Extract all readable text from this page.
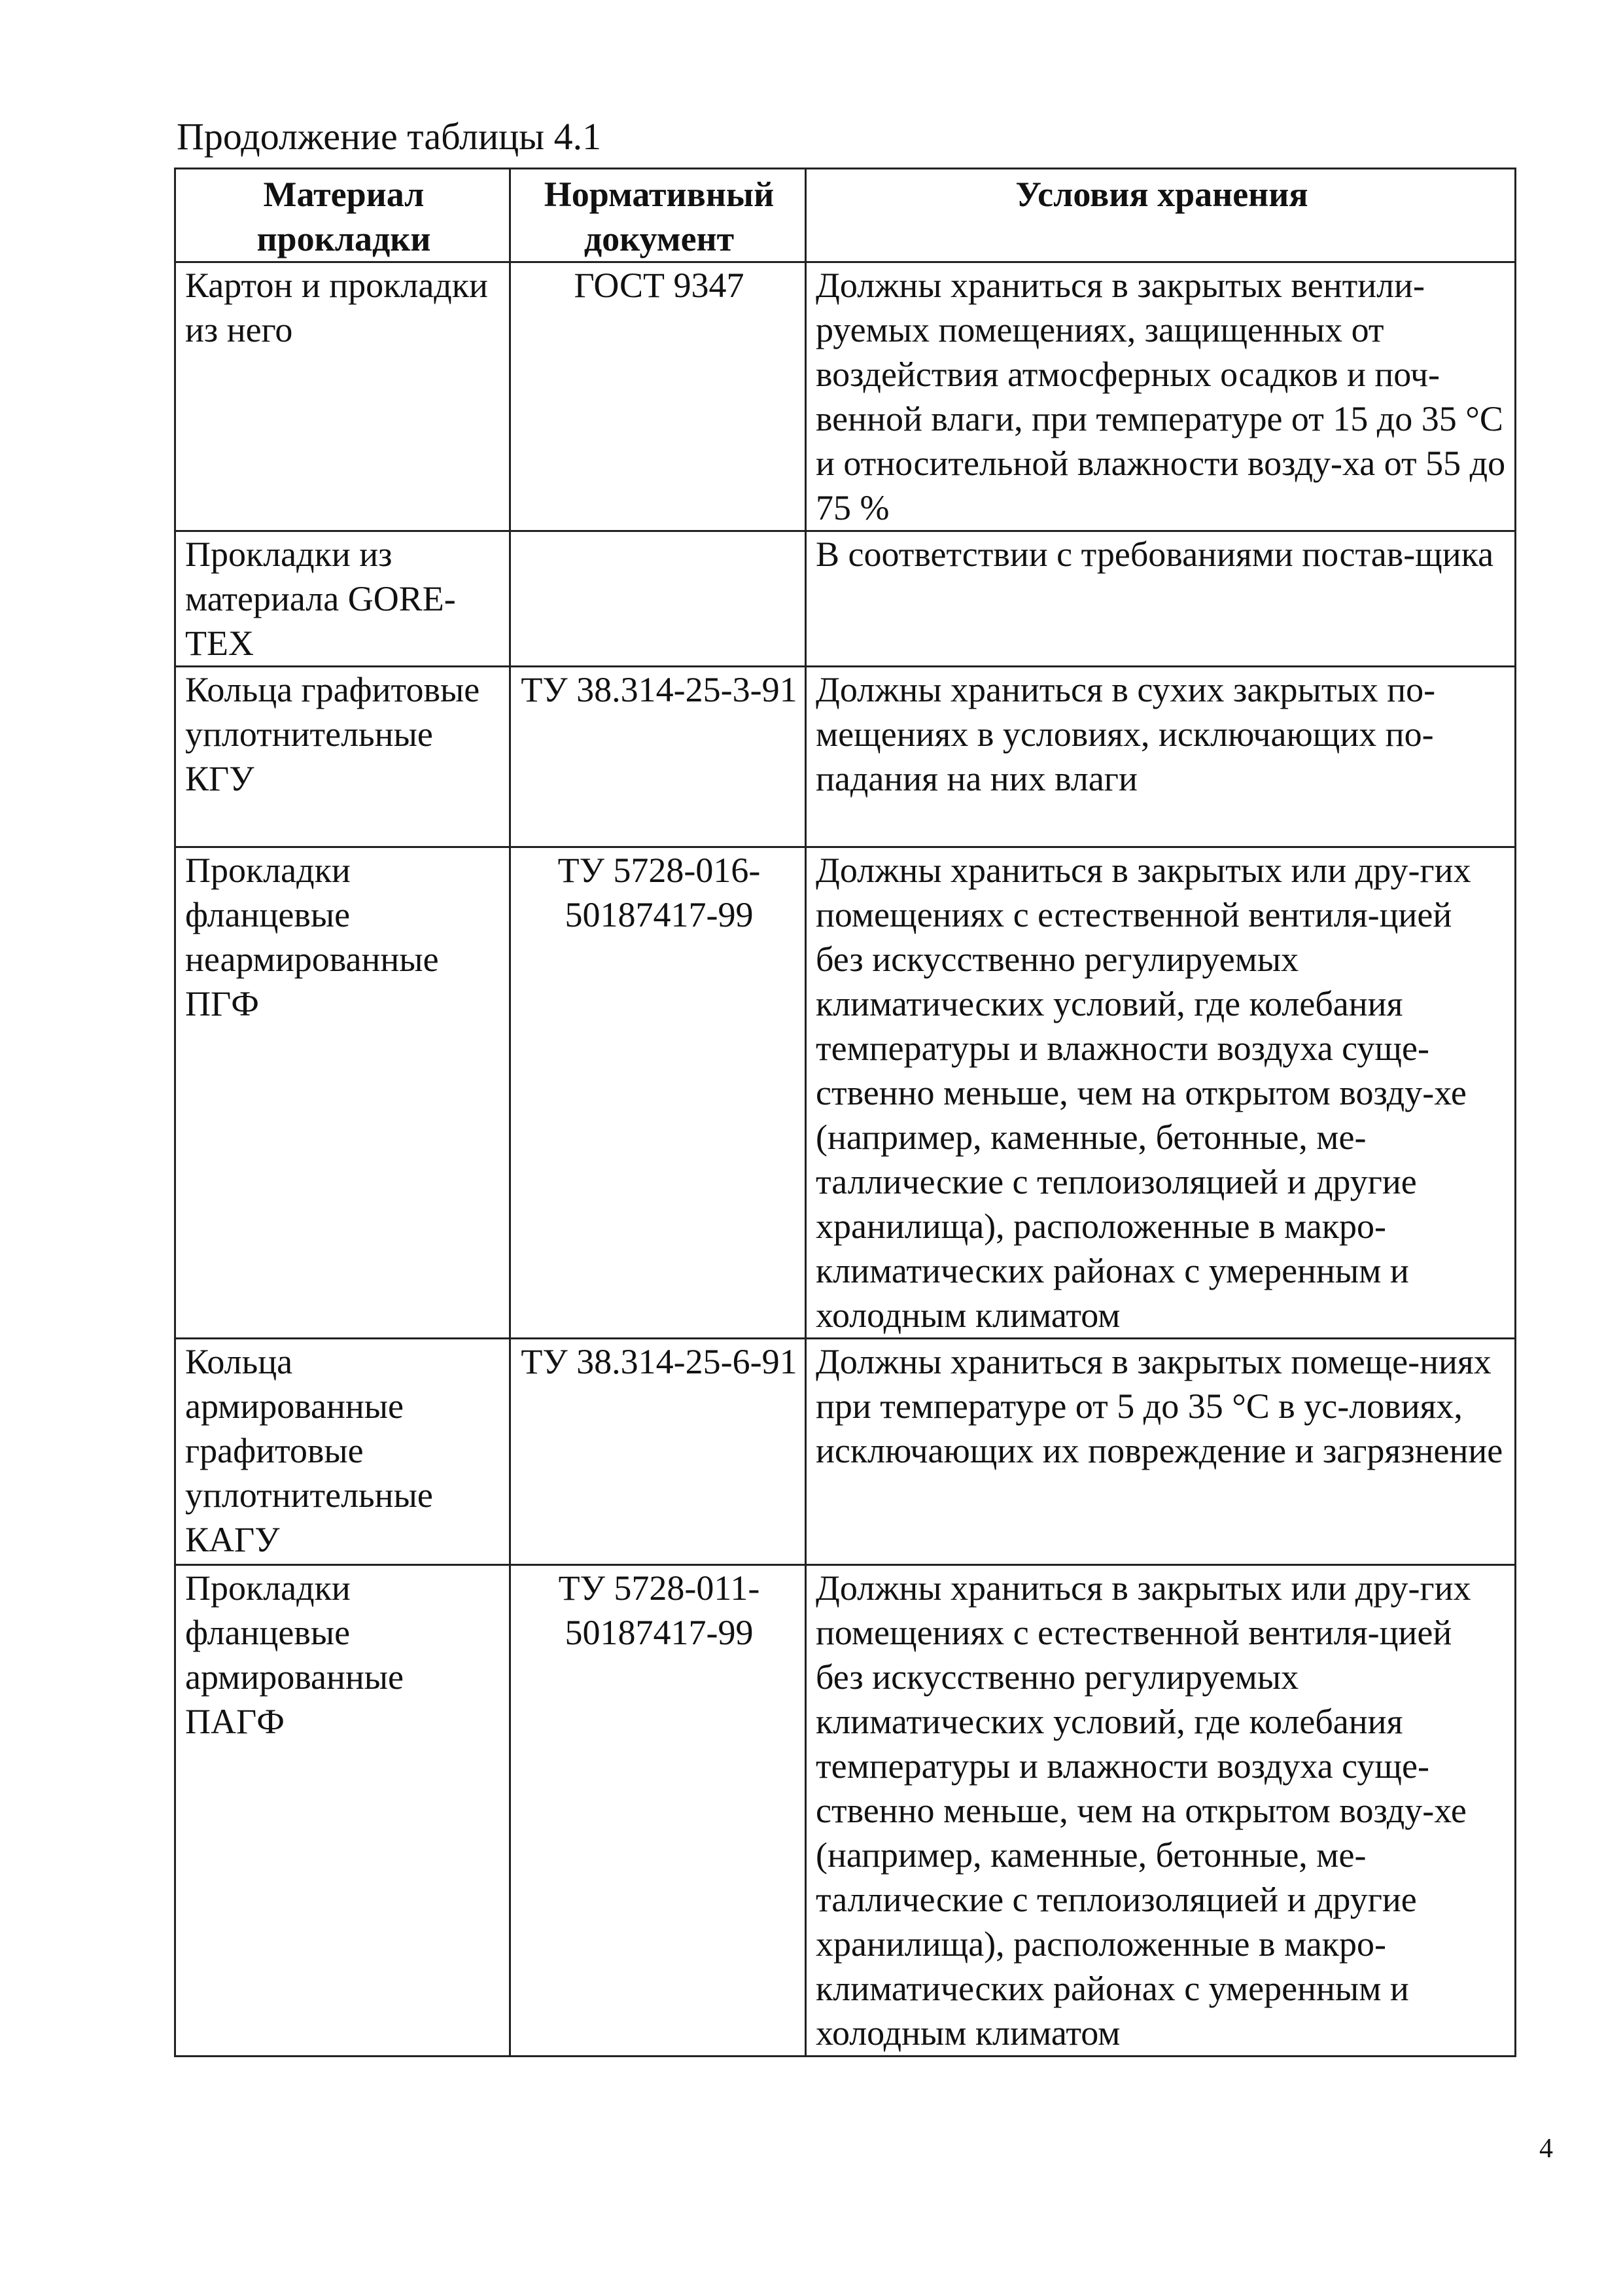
Продолжение таблицы 4.1

Материал прокладки	Нормативный документ	Условия хранения
Картон и прокладки из него	ГОСТ 9347	Должны храниться в закрытых вентили-руемых помещениях, защищенных от воздействия атмосферных осадков и поч-венной влаги, при температуре от 15 до 35 °С и относительной влажности возду-ха от 55 до 75 %
Прокладки из материала GORE-TEX		В соответствии с требованиями постав-щика
Кольца графитовые уплотнительные КГУ	ТУ 38.314-25-3-91	Должны храниться в сухих закрытых по-мещениях в условиях, исключающих по-падания на них влаги
Прокладки фланцевые неармированные ПГФ	ТУ 5728-016-50187417-99	Должны храниться в закрытых или дру-гих помещениях с естественной вентиля-цией без искусственно регулируемых климатических условий, где колебания температуры и влажности воздуха суще-ственно меньше, чем на открытом возду-хе (например, каменные, бетонные, ме-таллические с теплоизоляцией и другие хранилища), расположенные в макро-климатических районах с умеренным и холодным климатом
Кольца армированные графитовые уплотнительные КАГУ	ТУ 38.314-25-6-91	Должны храниться в закрытых помеще-ниях при температуре от 5 до 35 °С в ус-ловиях, исключающих их повреждение и загрязнение
Прокладки фланцевые армированные ПАГФ	ТУ 5728-011-50187417-99	Должны храниться в закрытых или дру-гих помещениях с естественной вентиля-цией без искусственно регулируемых климатических условий, где колебания температуры и влажности воздуха суще-ственно меньше, чем на открытом возду-хе (например, каменные, бетонные, ме-таллические с теплоизоляцией и другие хранилища), расположенные в макро-климатических районах с умеренным и холодным климатом
4
